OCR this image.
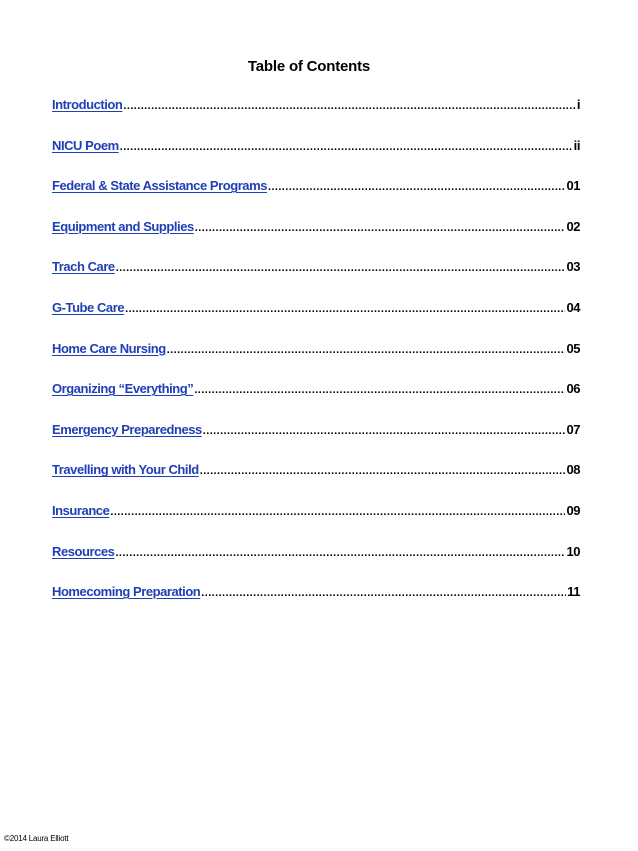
Table of Contents
Introduction .....	i
NICU Poem .....	ii
Federal & State Assistance Programs .....	01
Equipment and Supplies .....	02
Trach Care .....	03
G-Tube Care .....	04
Home Care Nursing .....	05
Organizing “Everything” .....	06
Emergency Preparedness .....	07
Travelling with Your Child .....	08
Insurance .....	09
Resources .....	10
Homecoming Preparation .....	11
©2014 Laura Elliott
